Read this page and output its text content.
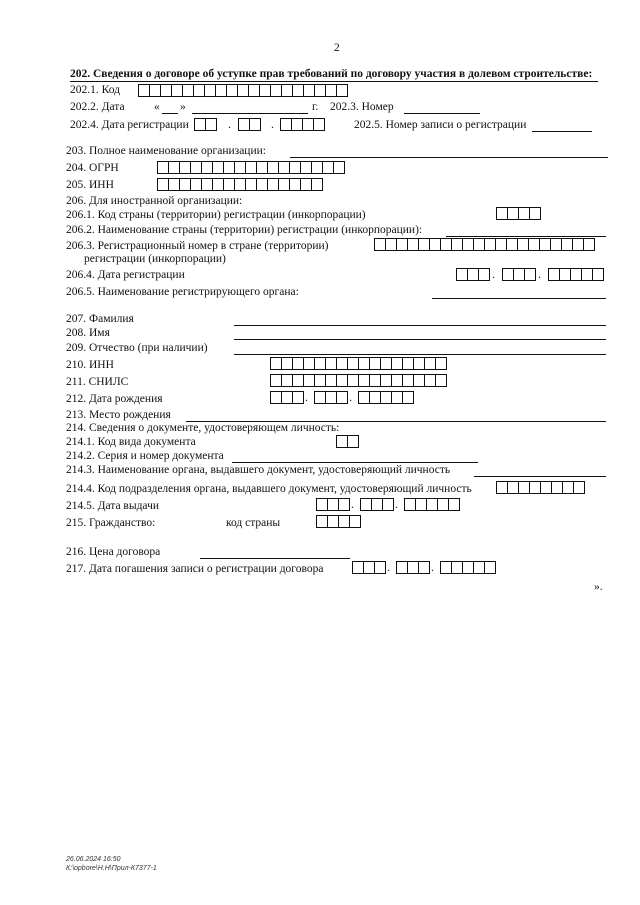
2
202. Сведения о договоре об уступке прав требований по договору участия в долевом строительстве:
202.1. Код
202.2. Дата	« »	г. 202.3. Номер
202.4. Дата регистрации	.	.	202.5. Номер записи о регистрации
203. Полное наименование организации:
204. ОГРН
205. ИНН
206. Для иностранной организации:
206.1. Код страны (территории) регистрации (инкорпорации)
206.2. Наименование страны (территории) регистрации (инкорпорации):
206.3. Регистрационный номер в стране (территории)
регистрации (инкорпорации)
206.4. Дата регистрации	.	.
206.5. Наименование регистрирующего органа:
207. Фамилия
208. Имя
209. Отчество (при наличии)
210. ИНН
211. СНИЛС
212. Дата рождения	.	.
213. Место рождения
214. Сведения о документе, удостоверяющем личность:
214.1. Код вида документа
214.2. Серия и номер документа
214.3. Наименование органа, выдавшего документ, удостоверяющий личность
214.4. Код подразделения органа, выдавшего документ, удостоверяющий личность
214.5. Дата выдачи	.	.
215. Гражданство:	код страны
216. Цена договора
217. Дата погашения записи о регистрации договора	.	.
».
26.06.2024 16:50
К:\opbore\Н.Н\Прил-К7377-1
